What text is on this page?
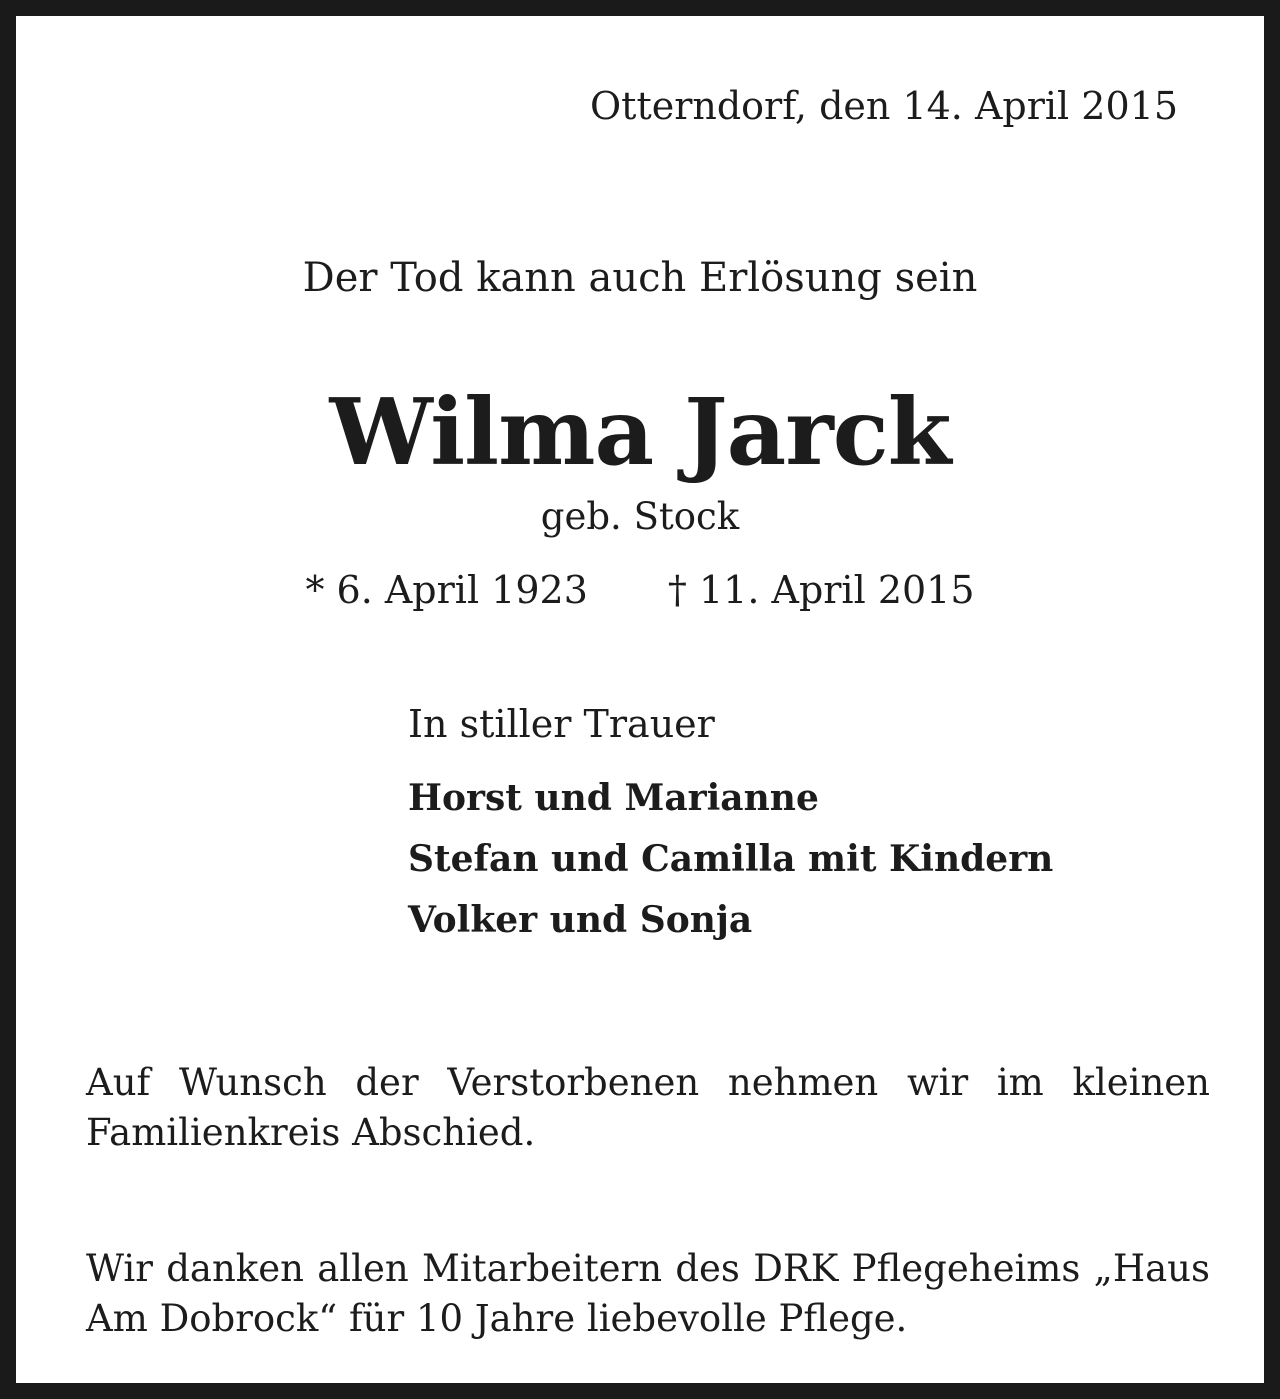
Otterndorf, den 14. April 2015
Der Tod kann auch Erlösung sein
Wilma Jarck
geb. Stock
* 6. April 1923 † 11. April 2015
In stiller Trauer
Horst und Marianne
Stefan und Camilla mit Kindern
Volker und Sonja
Auf Wunsch der Verstorbenen nehmen wir im kleinen Familienkreis Abschied.
Wir danken allen Mitarbeitern des DRK Pflegeheims „Haus Am Dobrock“ für 10 Jahre liebevolle Pflege.
